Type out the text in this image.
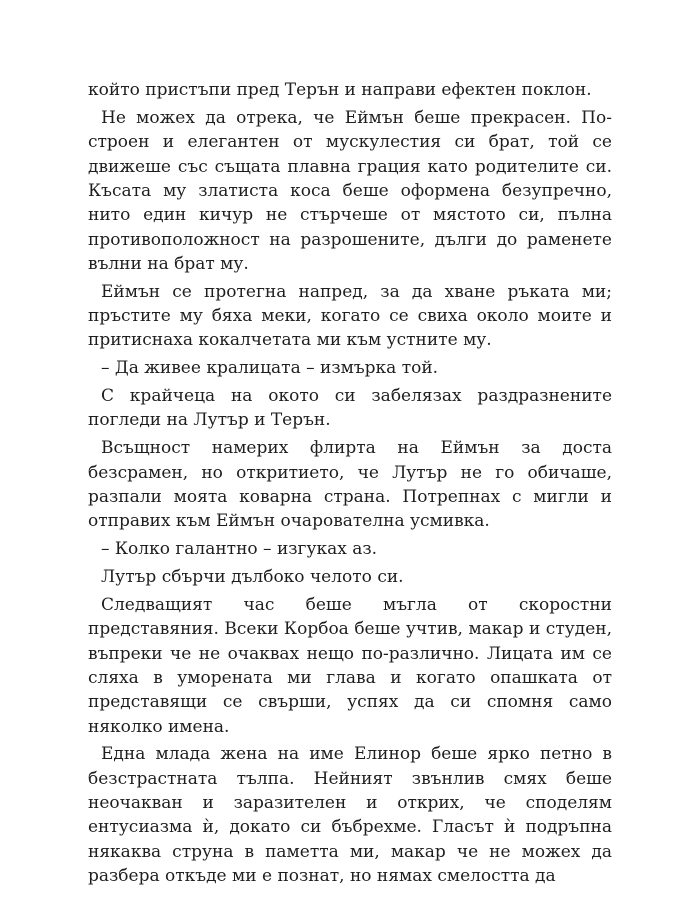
който пристъпи пред Терън и направи ефектен поклон.

Не можех да отрека, че Еймън беше прекрасен. По-строен и елегантен от мускулестия си брат, той се движеше със същата плавна грация като родителите си. Късата му златиста коса беше оформена безупречно, нито един кичур не стърчеше от мястото си, пълна противоположност на разрошените, дълги до раменете вълни на брат му.

Еймън се протегна напред, за да хване ръката ми; пръстите му бяха меки, когато се свиха около моите и притиснаха кокалчетата ми към устните му.

– Да живее кралицата – измърка той.

С крайчеца на окото си забелязах раздразнените погледи на Лутър и Терън.

Всъщност намерих флирта на Еймън за доста безсрамен, но откритието, че Лутър не го обичаше, разпали моята коварна страна. Потрепнах с мигли и отправих към Еймън очарователна усмивка.

– Колко галантно – изгуках аз.

Лутър сбърчи дълбоко челото си.

Следващият час беше мъгла от скоростни представяния. Всеки Корбоа беше учтив, макар и студен, въпреки че не очаквах нещо по-различно. Лицата им се сляха в уморената ми глава и когато опашката от представящи се свърши, успях да си спомня само няколко имена.

Една млада жена на име Елинор беше ярко петно в безстрастната тълпа. Нейният звънлив смях беше неочакван и заразителен и открих, че споделям ентусиазма ѝ, докато си бъбрехме. Гласът ѝ подръпна някаква струна в паметта ми, макар че не можех да разбера откъде ми е познат, но нямах смелостта да
